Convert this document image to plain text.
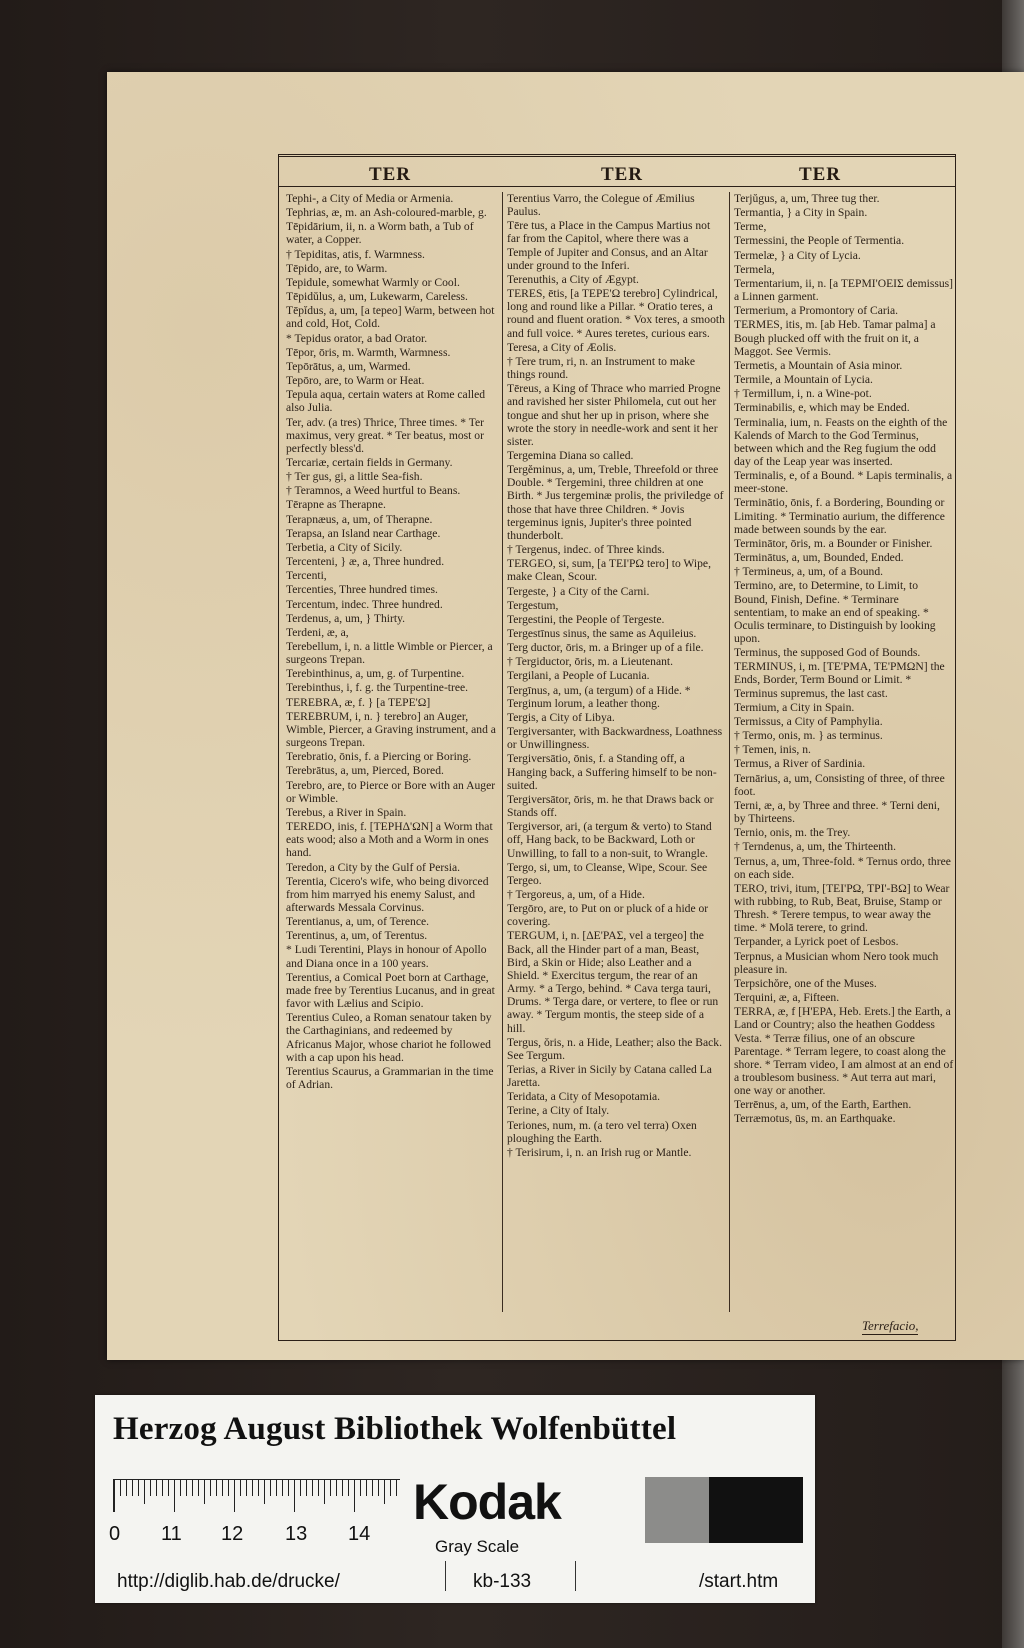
TER	TER	TER
Tephi-, a City of Media or Armenia.
Tephrias, æ, m. an Ash-coloured-marble, g.
Tēpidārium, ii, n. a Worm bath, a Tub of water, a Copper.
† Tepiditas, atis, f. Warmness.
Tēpido, are, to Warm.
Tepidule, somewhat Warmly or Cool.
Tēpidŭlus, a, um, Lukewarm, Careless.
Tēpĭdus, a, um, [a tepeo] Warm, between hot and cold, Hot, Cold.
* Tepidus orator, a bad Orator.
Tēpor, ōris, m. Warmth, Warmness.
Tepōrātus, a, um, Warmed.
Tepōro, are, to Warm or Heat.
Tepula aqua, certain waters at Rome called also Julia.
Ter, adv. (a tres) Thrice, Three times. * Ter maximus, very great. * Ter beatus, most or perfectly bless'd.
Tercariæ, certain fields in Germany.
† Ter gus, gi, a little Sea-fish.
† Teramnos, a Weed hurtful to Beans.
Tērapne as Therapne.
Terapnæus, a, um, of Therapne.
Terapsa, an Island near Carthage.
Terbetia, a City of Sicily.
Tercenteni, } æ, a, Three hundred.
Tercenti,
Tercenties, Three hundred times.
Tercentum, indec. Three hundred.
Terdenus, a, um, } Thirty.
Terdeni, æ, a,
Terebellum, i, n. a little Wimble or Piercer, a surgeons Trepan.
Terebinthinus, a, um, g. of Turpentine.
Terebinthus, i, f. g. the Turpentine-tree.
TEREBRA, æ, f. } [a TEPE'Ω]
TEREBRUM, i, n. } terebro] an Auger, Wimble, Piercer, a Graving instrument, and a surgeons Trepan.
Terebratio, ōnis, f. a Piercing or Boring.
Terebrātus, a, um, Pierced, Bored.
Terebro, are, to Pierce or Bore with an Auger or Wimble.
Terebus, a River in Spain.
TEREDO, inis, f. [TEPHΔ'ΩN] a Worm that eats wood; also a Moth and a Worm in ones hand.
Teredon, a City by the Gulf of Persia.
Terentia, Cicero's wife, who being divorced from him marryed his enemy Salust, and afterwards Messala Corvinus.
Terentianus, a, um, of Terence.
Terentinus, a, um, of Terentus.
* Ludi Terentini, Plays in honour of Apollo and Diana once in a 100 years.
Terentius, a Comical Poet born at Carthage, made free by Terentius Lucanus, and in great favor with Lælius and Scipio.
Terentius Culeo, a Roman senatour taken by the Carthaginians, and redeemed by Africanus Major, whose chariot he followed with a cap upon his head.
Terentius Scaurus, a Grammarian in the time of Adrian.
Terentius Varro, the Colegue of Æmilius Paulus.
Tēre tus, a Place in the Campus Martius not far from the Capitol, where there was a Temple of Jupiter and Consus, and an Altar under ground to the Inferi.
Terenuthis, a City of Ægypt.
TERES, ētis, [a TEPE'Ω terebro] Cylindrical, long and round like a Pillar. * Oratio teres, a round and fluent oration. * Vox teres, a smooth and full voice. * Aures teretes, curious ears.
Teresa, a City of Æolis.
† Tere trum, ri, n. an Instrument to make things round.
Tēreus, a King of Thrace who married Progne and ravished her sister Philomela, cut out her tongue and shut her up in prison, where she wrote the story in needle-work and sent it her sister.
Tergemina Diana so called.
Tergĕminus, a, um, Treble, Threefold or three Double. * Tergemini, three children at one Birth. * Jus tergeminæ prolis, the priviledge of those that have three Children. * Jovis tergeminus ignis, Jupiter's three pointed thunderbolt.
† Tergenus, indec. of Three kinds.
TERGEO, si, sum, [a TEI'PΩ tero] to Wipe, make Clean, Scour.
Tergeste, } a City of the Carni.
Tergestum,
Tergestini, the People of Tergeste.
Tergestīnus sinus, the same as Aquileius.
Terg ductor, ōris, m. a Bringer up of a file.
† Tergiductor, ōris, m. a Lieutenant.
Tergilani, a People of Lucania.
Tergīnus, a, um, (a tergum) of a Hide. * Terginum lorum, a leather thong.
Tergis, a City of Libya.
Tergiversanter, with Backwardness, Loathness or Unwillingness.
Tergiversātio, ōnis, f. a Standing off, a Hanging back, a Suffering himself to be non-suited.
Tergiversātor, ōris, m. he that Draws back or Stands off.
Tergiversor, ari, (a tergum & verto) to Stand off, Hang back, to be Backward, Loth or Unwilling, to fall to a non-suit, to Wrangle.
Tergo, si, um, to Cleanse, Wipe, Scour. See Tergeo.
† Tergoreus, a, um, of a Hide.
Tergōro, are, to Put on or pluck of a hide or covering.
TERGUM, i, n. [ΔE'PAΣ, vel a tergeo] the Back, all the Hinder part of a man, Beast, Bird, a Skin or Hide; also Leather and a Shield. * Exercitus tergum, the rear of an Army. * a Tergo, behind. * Cava terga tauri, Drums. * Terga dare, or vertere, to flee or run away. * Tergum montis, the steep side of a hill.
Tergus, ŏris, n. a Hide, Leather; also the Back. See Tergum.
Terias, a River in Sicily by Catana called La Jaretta.
Teridata, a City of Mesopotamia.
Terine, a City of Italy.
Teriones, num, m. (a tero vel terra) Oxen ploughing the Earth.
† Terisirum, i, n. an Irish rug or Mantle.
Terjŭgus, a, um, Three tug ther.
Termantia, } a City in Spain.
Terme,
Termessini, the People of Termentia.
Termelæ, } a City of Lycia.
Termela,
Termentarium, ii, n. [a TEPMI'OEIΣ demissus] a Linnen garment.
Termerium, a Promontory of Caria.
TERMES, itis, m. [ab Heb. Tamar palma] a Bough plucked off with the fruit on it, a Maggot. See Vermis.
Termetis, a Mountain of Asia minor.
Termile, a Mountain of Lycia.
† Termillum, i, n. a Wine-pot.
Terminabilis, e, which may be Ended.
Terminalia, ium, n. Feasts on the eighth of the Kalends of March to the God Terminus, between which and the Reg fugium the odd day of the Leap year was inserted.
Terminalis, e, of a Bound. * Lapis terminalis, a meer-stone.
Terminātio, ōnis, f. a Bordering, Bounding or Limiting. * Terminatio aurium, the difference made between sounds by the ear.
Terminātor, ōris, m. a Bounder or Finisher.
Terminātus, a, um, Bounded, Ended.
† Termineus, a, um, of a Bound.
Termino, are, to Determine, to Limit, to Bound, Finish, Define. * Terminare sententiam, to make an end of speaking. * Oculis terminare, to Distinguish by looking upon.
Terminus, the supposed God of Bounds.
TERMINUS, i, m. [TE'PMA, TE'PMΩN] the Ends, Border, Term Bound or Limit. * Terminus supremus, the last cast.
Termium, a City in Spain.
Termissus, a City of Pamphylia.
† Termo, onis, m. } as terminus.
† Temen, inis, n.
Termus, a River of Sardinia.
Ternārius, a, um, Consisting of three, of three foot.
Terni, æ, a, by Three and three. * Terni deni, by Thirteens.
Ternio, onis, m. the Trey.
† Terndenus, a, um, the Thirteenth.
Ternus, a, um, Three-fold. * Ternus ordo, three on each side.
TERO, trivi, itum, [TEI'PΩ, TPI'-BΩ] to Wear with rubbing, to Rub, Beat, Bruise, Stamp or Thresh. * Terere tempus, to wear away the time. * Molā terere, to grind.
Terpander, a Lyrick poet of Lesbos.
Terpnus, a Musician whom Nero took much pleasure in.
Terpsichŏre, one of the Muses.
Terquini, æ, a, Fifteen.
TERRA, æ, f [H'EPA, Heb. Erets.] the Earth, a Land or Country; also the heathen Goddess Vesta. * Terræ filius, one of an obscure Parentage. * Terram legere, to coast along the shore. * Terram video, I am almost at an end of a troublesom business. * Aut terra aut mari, one way or another.
Terrēnus, a, um, of the Earth, Earthen.
Terræmotus, ūs, m. an Earthquake.
Terrefacio,
Herzog August Bibliothek Wolfenbüttel
0 11 12 13 14
Kodak
Gray Scale
http://diglib.hab.de/drucke/	kb-133	/start.htm
